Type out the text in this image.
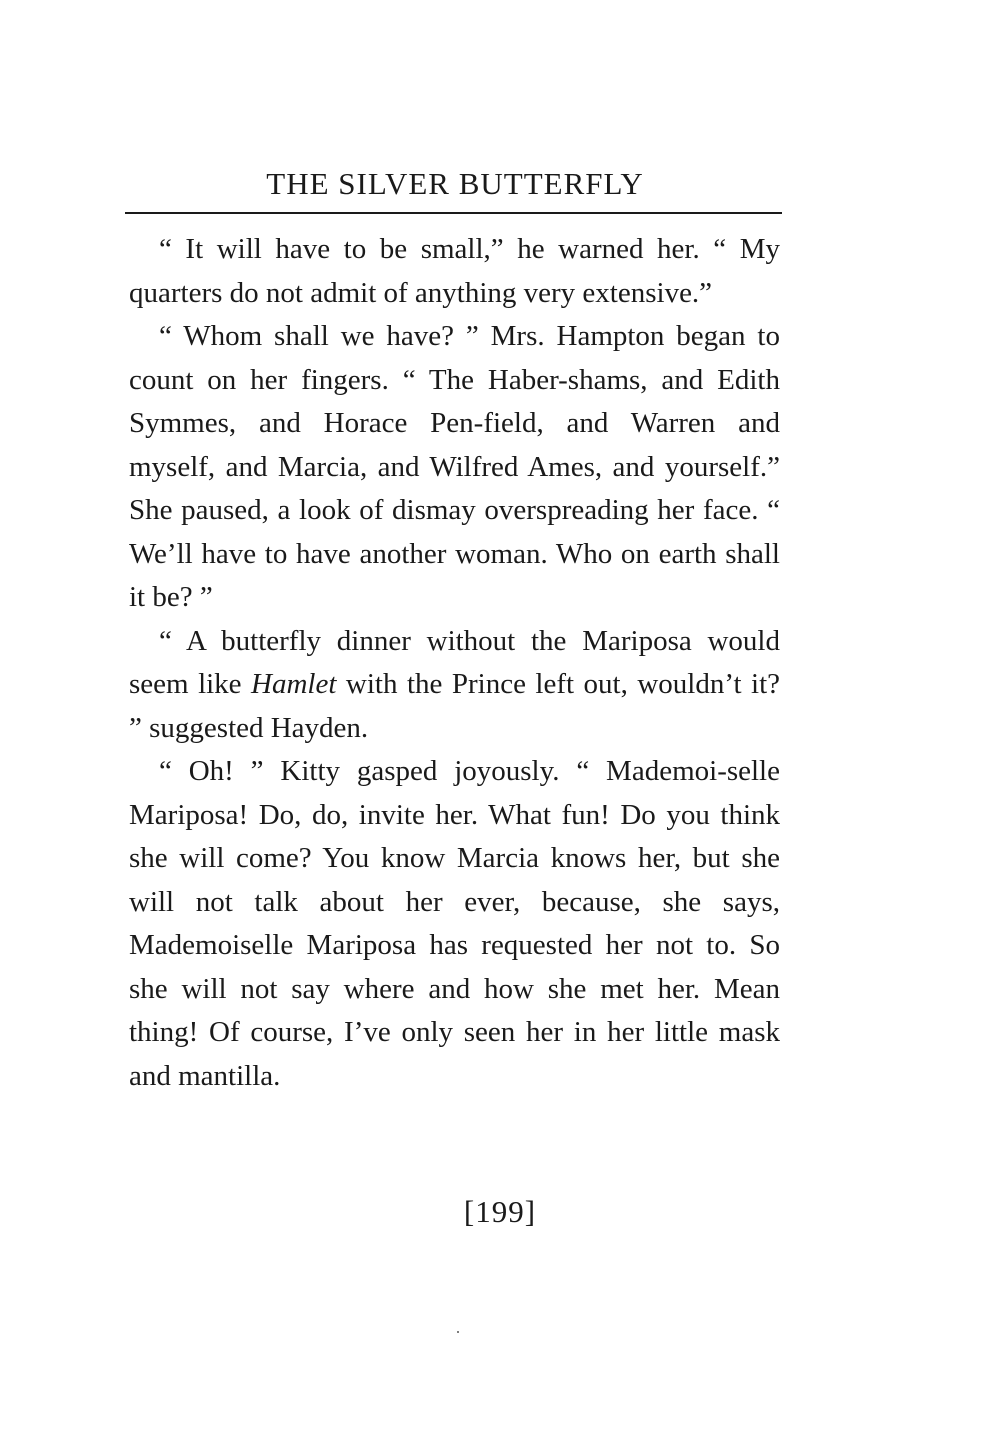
THE SILVER BUTTERFLY

“ It will have to be small,” he warned her. “ My quarters do not admit of anything very extensive.”

“ Whom shall we have? ” Mrs. Hampton began to count on her fingers. “ The Haber-shams, and Edith Symmes, and Horace Pen-field, and Warren and myself, and Marcia, and Wilfred Ames, and yourself.” She paused, a look of dismay overspreading her face. “ We’ll have to have another woman. Who on earth shall it be? ”

“ A butterfly dinner without the Mariposa would seem like Hamlet with the Prince left out, wouldn’t it? ” suggested Hayden.

“ Oh! ” Kitty gasped joyously. “ Mademoi-selle Mariposa! Do, do, invite her. What fun! Do you think she will come? You know Marcia knows her, but she will not talk about her ever, because, she says, Mademoiselle Mariposa has requested her not to. So she will not say where and how she met her. Mean thing! Of course, I’ve only seen her in her little mask and mantilla.

[199]
